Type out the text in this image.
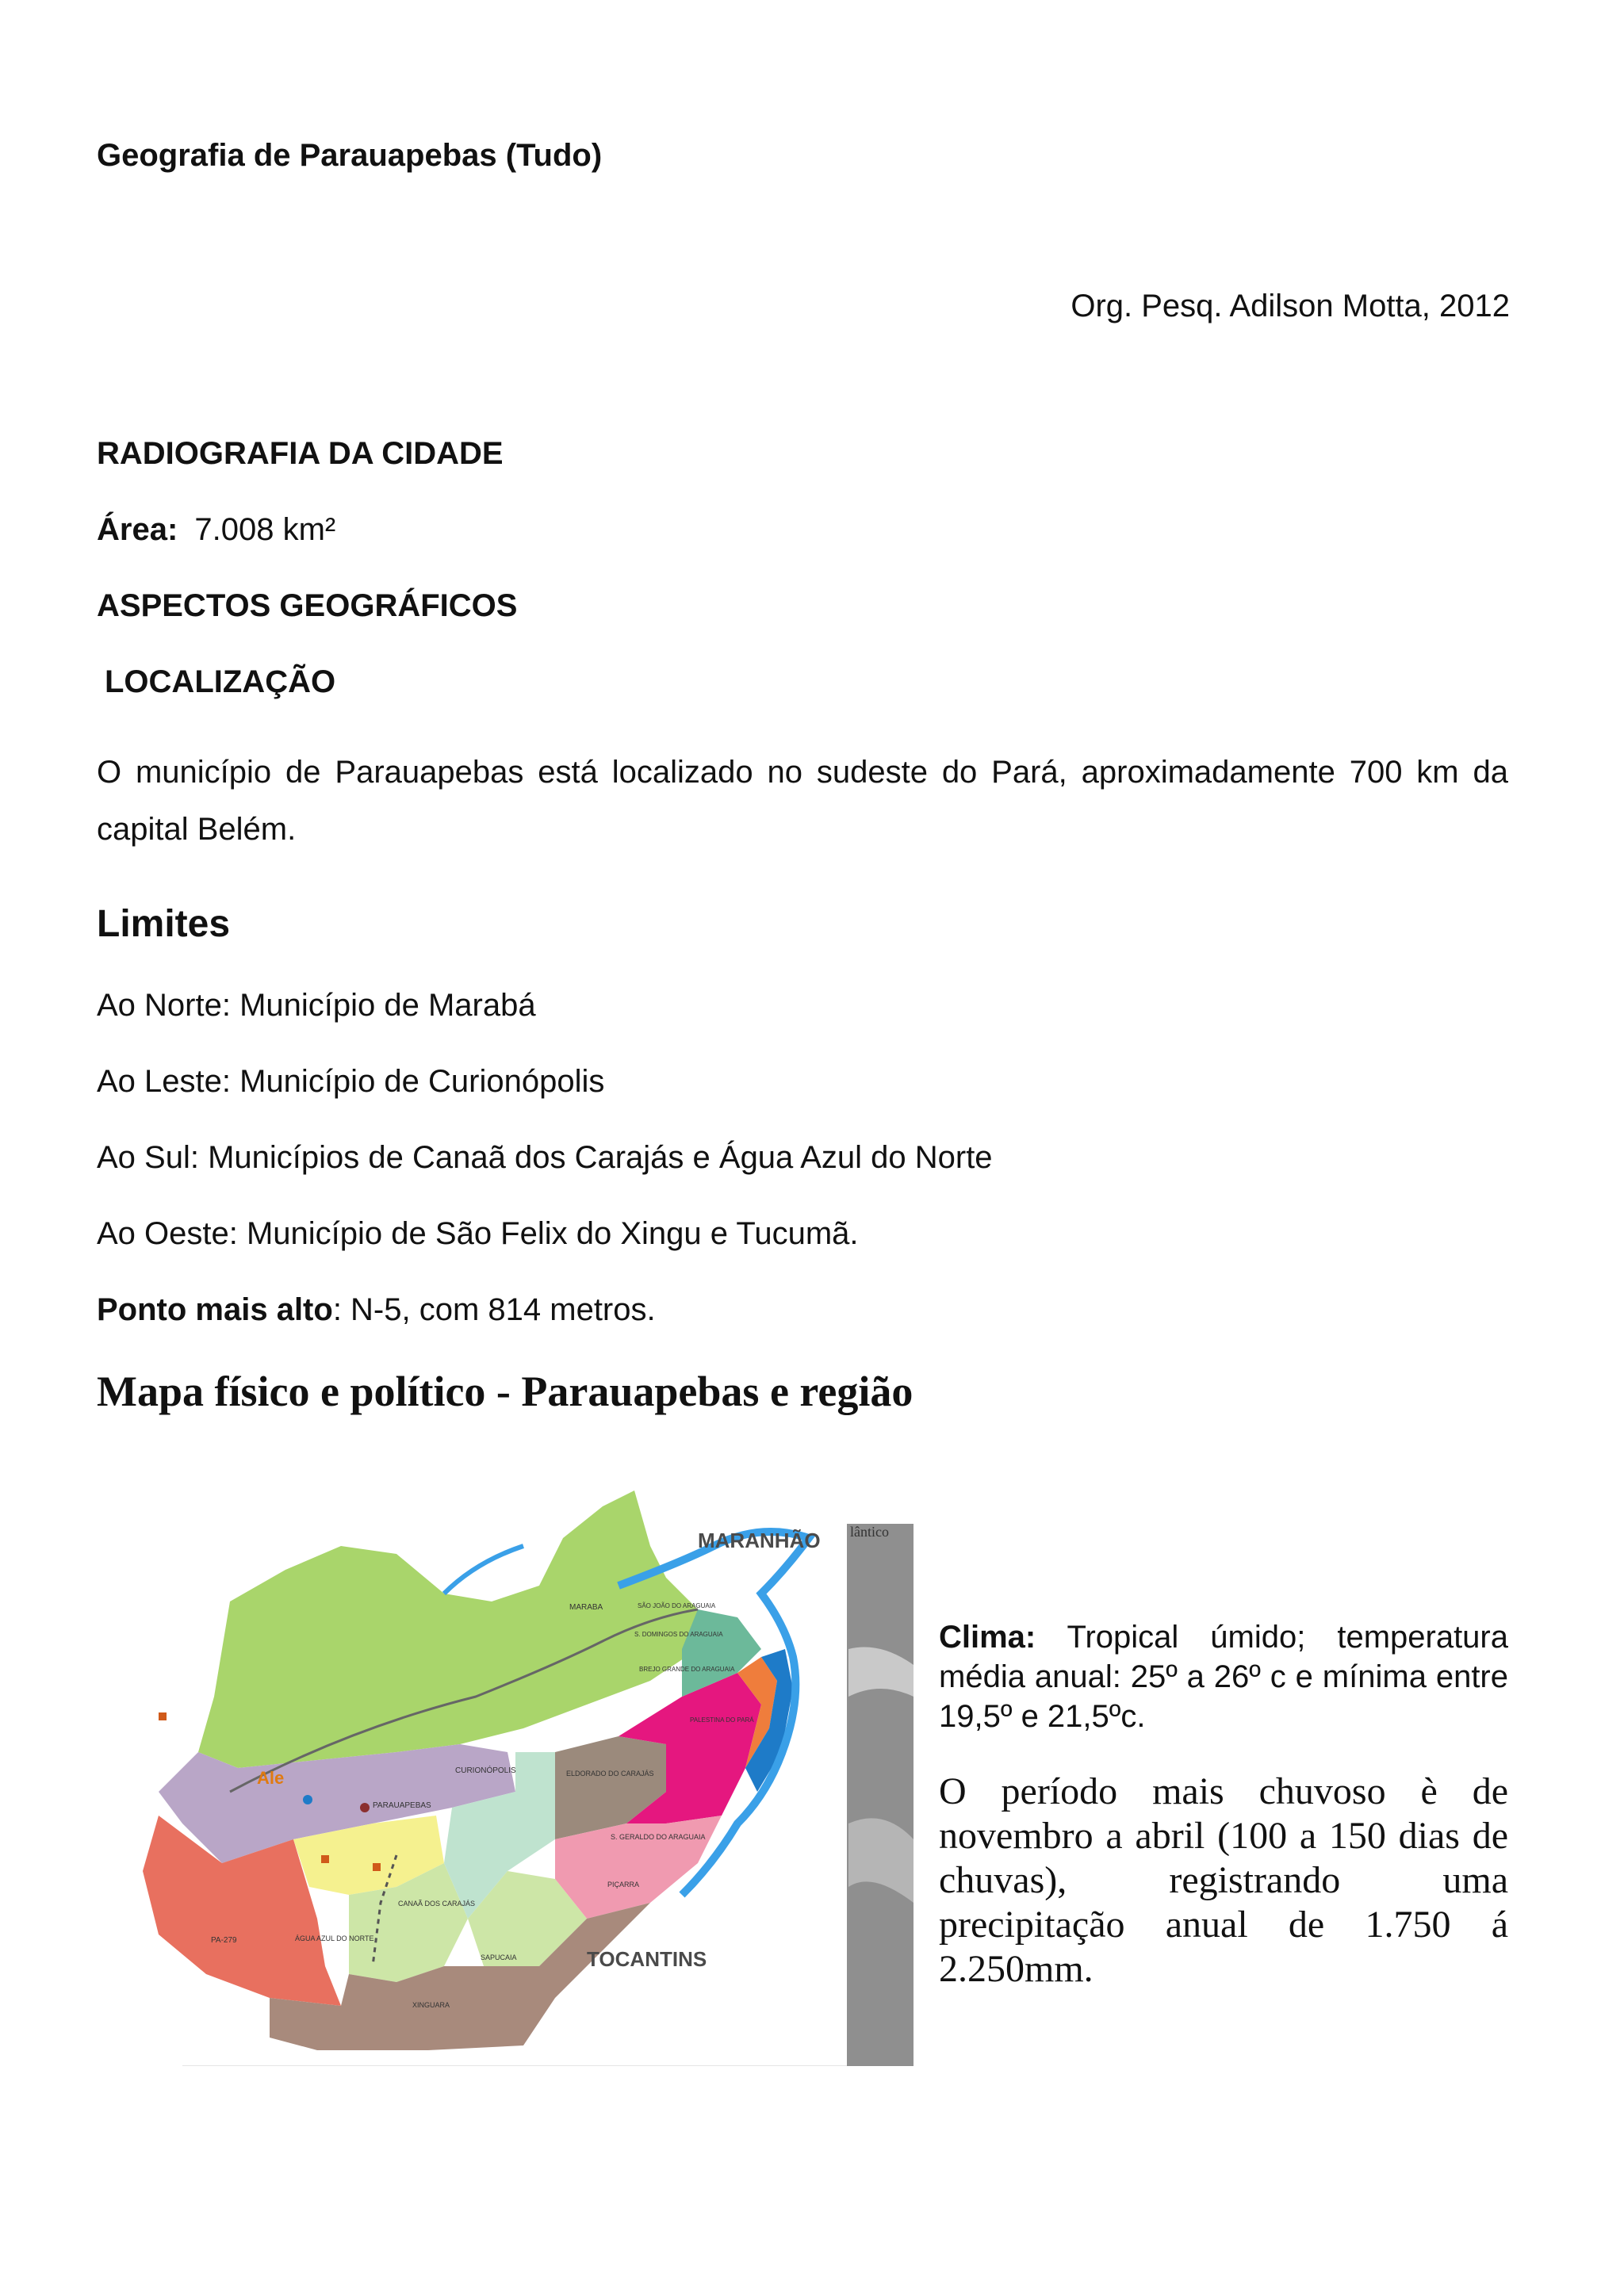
Geografia de Parauapebas (Tudo)
Org. Pesq. Adilson Motta, 2012
RADIOGRAFIA DA CIDADE
Área: 7.008 km²
ASPECTOS GEOGRÁFICOS
LOCALIZAÇÃO
O município de Parauapebas está localizado no sudeste do Pará, aproximadamente 700 km da capital Belém.
Limites
Ao Norte: Município de Marabá
Ao Leste: Município de Curionópolis
Ao Sul: Municípios de Canaã dos Carajás e Água Azul do Norte
Ao Oeste: Município de São Felix do Xingu e Tucumã.
Ponto mais alto: N-5, com 814 metros.
Mapa físico e político - Parauapebas e região
lântico
MARANHÃO
TOCANTINS
Ale
MARABA	SÃO JOÃO DO ARAGUAIA
S. DOMINGOS DO ARAGUAIA
BREJO GRANDE DO ARAGUAIA
PALESTINA DO PARÁ
CURIONÓPOLIS	ELDORADO DO CARAJÁS
PARAUAPEBAS
S. GERALDO DO ARAGUAIA
CANAÃ DOS CARAJÁS
PIÇARRA
PA-279	ÁGUA AZUL DO NORTE
SAPUCAIA
XINGUARA
Clima: Tropical úmido; temperatura média anual: 25º a 26º c e mínima entre 19,5º e 21,5ºc.
O período mais chuvoso è de novembro a abril (100 a 150 dias de chuvas), registrando uma precipitação anual de 1.750 á 2.250mm.
